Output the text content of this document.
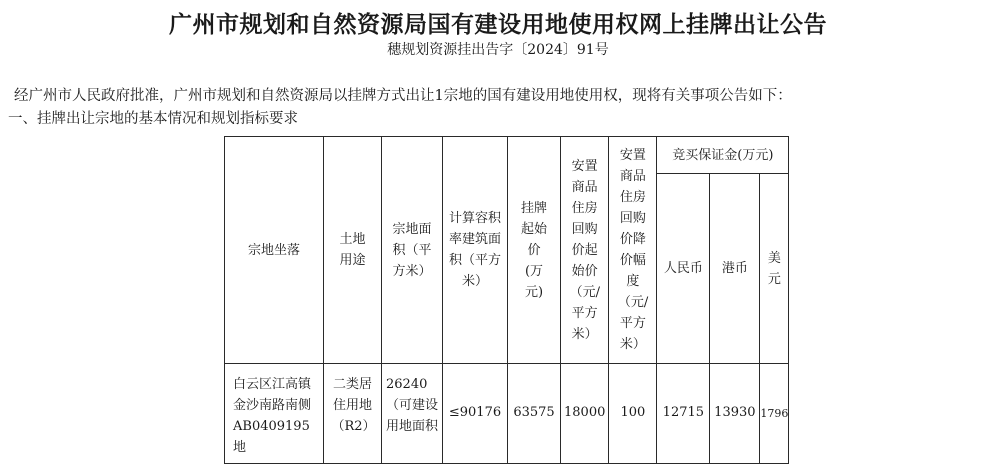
广州市规划和自然资源局国有建设用地使用权网上挂牌出让公告
穗规划资源挂出告字〔2024〕91号
经广州市人民政府批准，广州市规划和自然资源局以挂牌方式出让1宗地的国有建设用地使用权，现将有关事项公告如下：
一、挂牌出让宗地的基本情况和规划指标要求
宗地坐落	土地用途	宗地面积（平方米）	计算容积率建筑面积（平方米）	挂牌起始价(万元)	安置商品住房回购价起始价（元/平方米）	安置商品住房回购价降价幅度（元/平方米）	竞买保证金(万元)		
							人民币	港币	美元
白云区江高镇金沙南路南侧AB0409195地	二类居住用地（R2）	26240（可建设用地面积	≤90176	63575	18000	100	12715	13930	1796
